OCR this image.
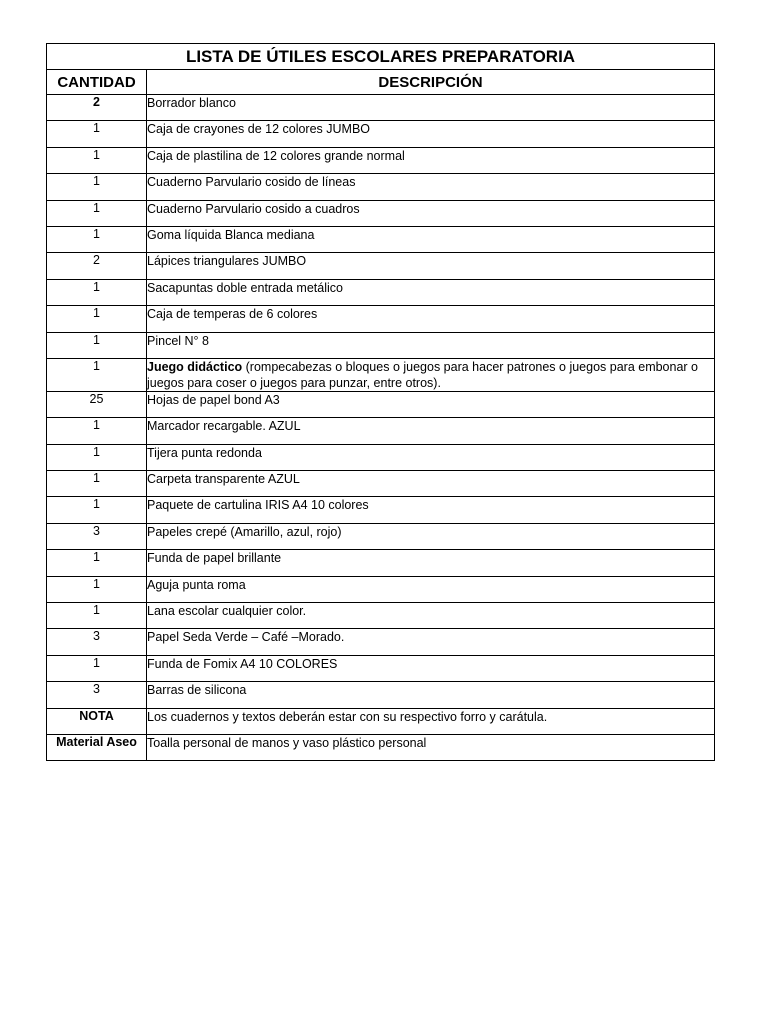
LISTA DE ÚTILES ESCOLARES PREPARATORIA	
CANTIDAD	DESCRIPCIÓN
2	Borrador blanco
1	Caja de crayones de 12 colores JUMBO
1	Caja de plastilina de 12 colores grande normal
1	Cuaderno Parvulario cosido de líneas
1	Cuaderno Parvulario cosido a cuadros
1	Goma líquida Blanca mediana
2	Lápices triangulares JUMBO
1	Sacapuntas doble entrada metálico
1	Caja de temperas de 6 colores
1	Pincel N° 8
1	Juego didáctico (rompecabezas o bloques o juegos para hacer patrones o juegos para embonar o juegos para coser o juegos para punzar, entre otros).
25	Hojas de papel bond A3
1	Marcador recargable. AZUL
1	Tijera punta redonda
1	Carpeta transparente AZUL
1	Paquete de cartulina IRIS A4 10 colores
3	Papeles crepé (Amarillo, azul, rojo)
1	Funda de papel brillante
1	Aguja punta roma
1	Lana escolar cualquier color.
3	Papel Seda Verde – Café –Morado.
1	Funda de Fomix A4 10 COLORES
3	Barras de silicona
NOTA	Los cuadernos y textos deberán estar con su respectivo forro y carátula.
Material Aseo	Toalla personal de manos y vaso plástico personal
